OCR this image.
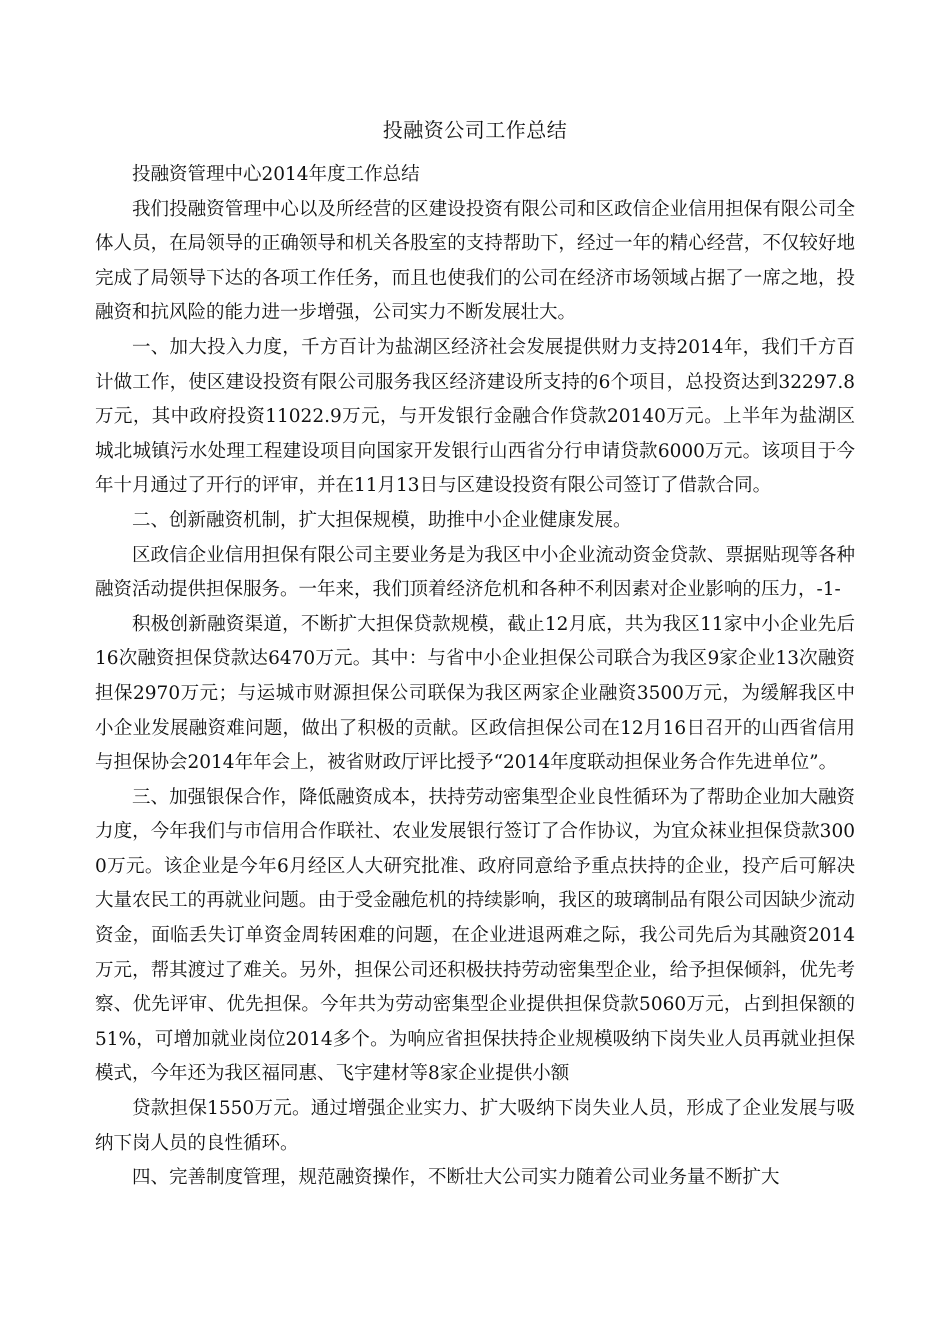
投融资公司工作总结

投融资管理中心2014年度工作总结

我们投融资管理中心以及所经营的区建设投资有限公司和区政信企业信用担保有限公司全体人员，在局领导的正确领导和机关各股室的支持帮助下，经过一年的精心经营，不仅较好地完成了局领导下达的各项工作任务，而且也使我们的公司在经济市场领域占据了一席之地，投融资和抗风险的能力进一步增强，公司实力不断发展壮大。

一、加大投入力度，千方百计为盐湖区经济社会发展提供财力支持2014年，我们千方百计做工作，使区建设投资有限公司服务我区经济建设所支持的6个项目，总投资达到32297.8万元，其中政府投资11022.9万元，与开发银行金融合作贷款20140万元。上半年为盐湖区城北城镇污水处理工程建设项目向国家开发银行山西省分行申请贷款6000万元。该项目于今年十月通过了开行的评审，并在11月13日与区建设投资有限公司签订了借款合同。

二、创新融资机制，扩大担保规模，助推中小企业健康发展。

区政信企业信用担保有限公司主要业务是为我区中小企业流动资金贷款、票据贴现等各种融资活动提供担保服务。一年来，我们顶着经济危机和各种不利因素对企业影响的压力，-1-

积极创新融资渠道，不断扩大担保贷款规模，截止12月底，共为我区11家中小企业先后16次融资担保贷款达6470万元。其中：与省中小企业担保公司联合为我区9家企业13次融资担保2970万元；与运城市财源担保公司联保为我区两家企业融资3500万元，为缓解我区中小企业发展融资难问题，做出了积极的贡献。区政信担保公司在12月16日召开的山西省信用与担保协会2014年年会上，被省财政厅评比授予“2014年度联动担保业务合作先进单位”。

三、加强银保合作，降低融资成本，扶持劳动密集型企业良性循环为了帮助企业加大融资力度，今年我们与市信用合作联社、农业发展银行签订了合作协议，为宜众袜业担保贷款3000万元。该企业是今年6月经区人大研究批准、政府同意给予重点扶持的企业，投产后可解决大量农民工的再就业问题。由于受金融危机的持续影响，我区的玻璃制品有限公司因缺少流动资金，面临丢失订单资金周转困难的问题，在企业进退两难之际，我公司先后为其融资2014万元，帮其渡过了难关。另外，担保公司还积极扶持劳动密集型企业，给予担保倾斜，优先考察、优先评审、优先担保。今年共为劳动密集型企业提供担保贷款5060万元，占到担保额的51%，可增加就业岗位2014多个。为响应省担保扶持企业规模吸纳下岗失业人员再就业担保模式，今年还为我区福同惠、飞宇建材等8家企业提供小额

贷款担保1550万元。通过增强企业实力、扩大吸纳下岗失业人员，形成了企业发展与吸纳下岗人员的良性循环。

四、完善制度管理，规范融资操作，不断壮大公司实力随着公司业务量不断扩大
